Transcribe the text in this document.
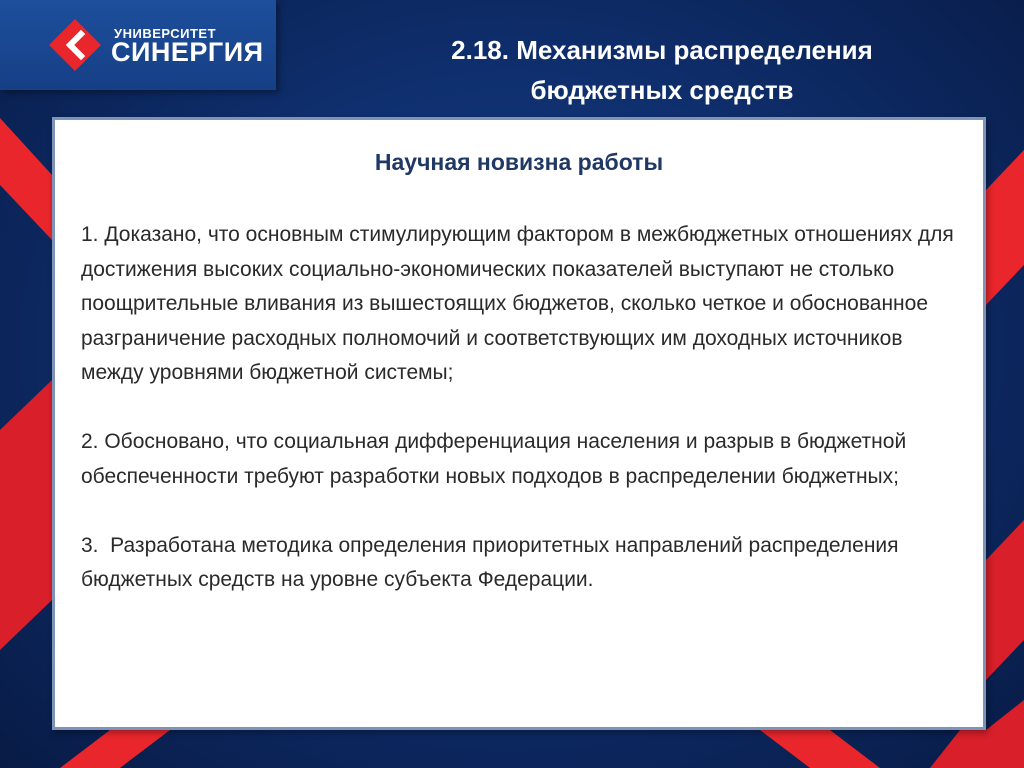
УНИВЕРСИТЕТ
СИНЕРГИЯ	2.18. Механизмы распределения
бюджетных средств
Научная новизна работы

1. Доказано, что основным стимулирующим фактором в межбюджетных отношениях для достижения высоких социально-экономических показателей выступают не столько поощрительные вливания из вышестоящих бюджетов, сколько четкое и обоснованное разграничение расходных полномочий и соответствующих им доходных источников между уровнями бюджетной системы;

2. Обосновано, что социальная дифференциация населения и разрыв в бюджетной обеспеченности требуют разработки новых подходов в распределении бюджетных;

3.  Разработана методика определения приоритетных направлений распределения бюджетных средств на уровне субъекта Федерации.
